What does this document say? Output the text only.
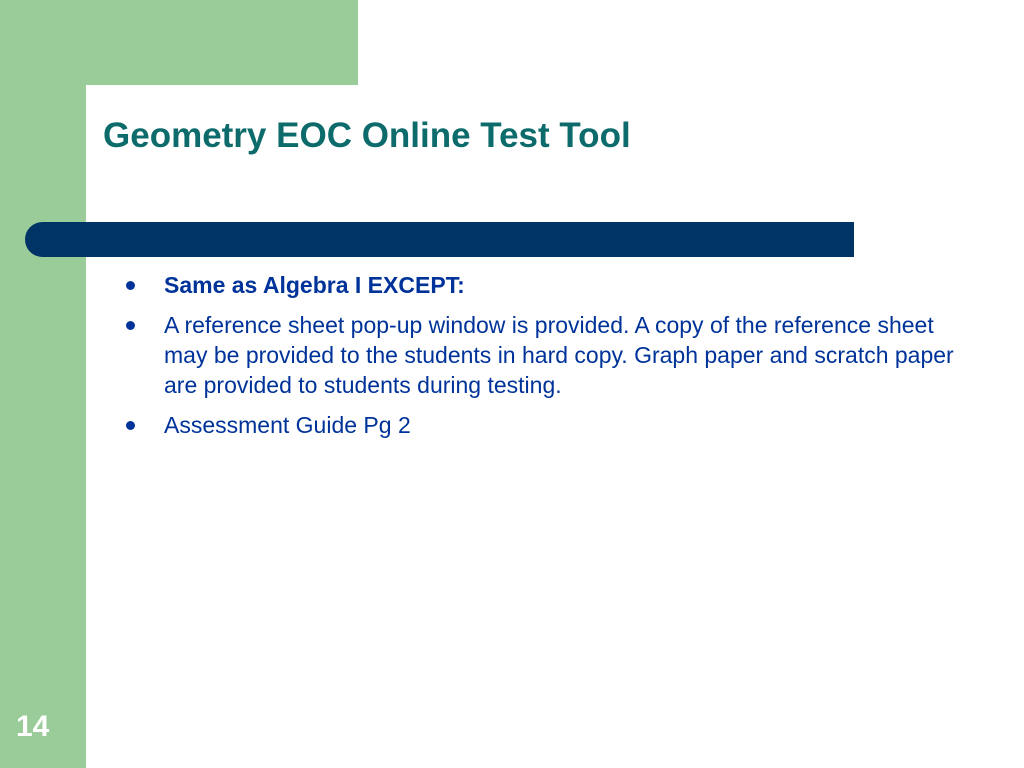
Geometry EOC Online Test Tool
Same as Algebra I EXCEPT:
A reference sheet pop-up window is provided. A copy of the reference sheet may be provided to the students in hard copy. Graph paper and scratch paper are provided to students during testing.
Assessment Guide Pg 2
14
